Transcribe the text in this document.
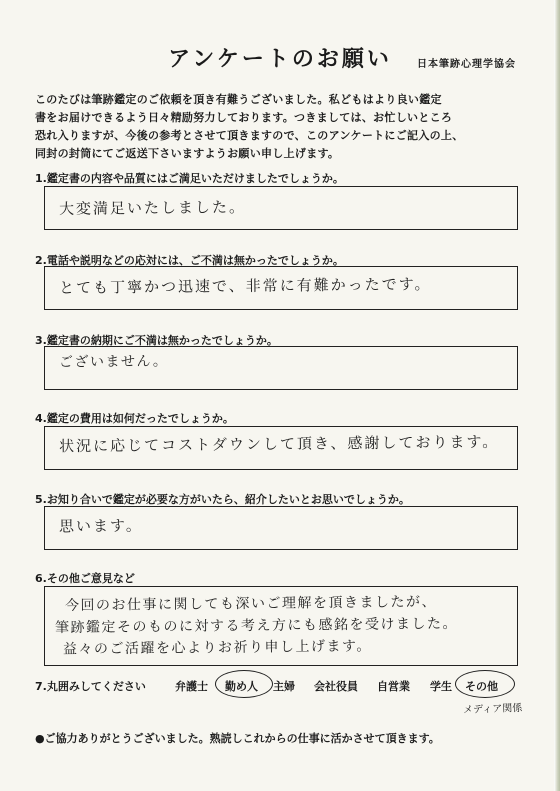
アンケートのお願い	日本筆跡心理学協会
このたびは筆跡鑑定のご依頼を頂き有難うございました。私どもはより良い鑑定
書をお届けできるよう日々精励努力しております。つきましては、お忙しいところ
恐れ入りますが、今後の参考とさせて頂きますので、このアンケートにご記入の上、
同封の封筒にてご返送下さいますようお願い申し上げます。
1.鑑定書の内容や品質にはご満足いただけましたでしょうか。
大変満足いたしました。
2.電話や説明などの応対には、ご不満は無かったでしょうか。
とても丁寧かつ迅速で、非常に有難かったです。
3.鑑定書の納期にご不満は無かったでしょうか。
ございません。
4.鑑定の費用は如何だったでしょうか。
状況に応じてコストダウンして頂き、感謝しております。
5.お知り合いで鑑定が必要な方がいたら、紹介したいとお思いでしょうか。
思います。
6.その他ご意見など
今回のお仕事に関しても深いご理解を頂きましたが、
筆跡鑑定そのものに対する考え方にも感銘を受けました。
益々のご活躍を心よりお祈り申し上げます。
7.丸囲みしてください	弁護士 勤め人 主婦 会社役員 自営業 学生 その他
メディア関係
●ご協力ありがとうございました。熟読しこれからの仕事に活かさせて頂きます。
